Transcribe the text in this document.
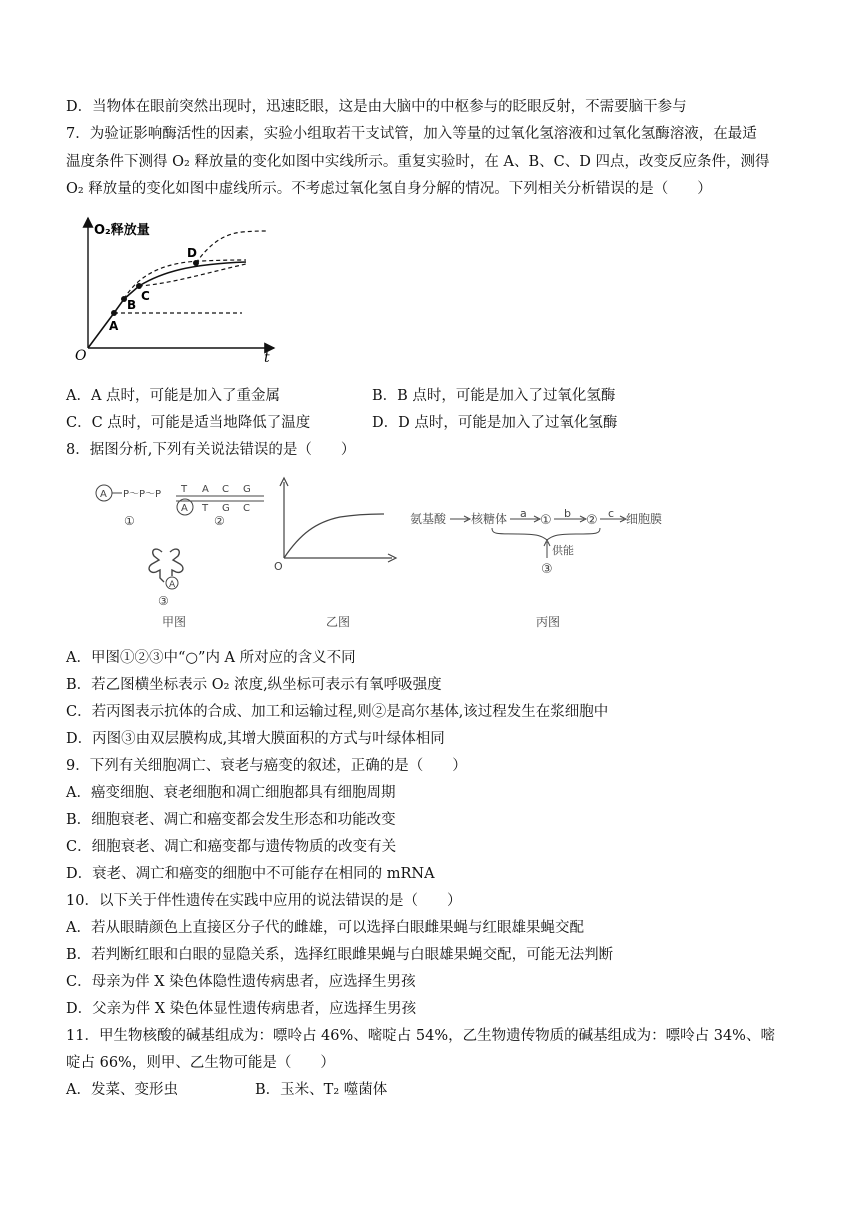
D．当物体在眼前突然出现时，迅速眨眼，这是由大脑中的中枢参与的眨眼反射，不需要脑干参与
7．为验证影响酶活性的因素，实验小组取若干支试管，加入等量的过氧化氢溶液和过氧化氢酶溶液，在最适
温度条件下测得 O₂ 释放量的变化如图中实线所示。重复实验时，在 A、B、C、D 四点，改变反应条件，测得
O₂ 释放量的变化如图中虚线所示。不考虑过氧化氢自身分解的情况。下列相关分析错误的是（　　）
O₂释放量
t
O
A
B
C
D
A．A 点时，可能是加入了重金属	B．B 点时，可能是加入了过氧化氢酶
C．C 点时，可能是适当地降低了温度	D．D 点时，可能是加入了过氧化氢酶
8．据图分析,下列有关说法错误的是（　　）
A P～P～P
①
T A C G
A T G C
②
A
③
甲图
O
乙图
氨基酸 核糖体 a ① b ② c 细胞膜
供能
③
丙图
A．甲图①②③中“○”内 A 所对应的含义不同
B．若乙图横坐标表示 O₂ 浓度,纵坐标可表示有氧呼吸强度
C．若丙图表示抗体的合成、加工和运输过程,则②是高尔基体,该过程发生在浆细胞中
D．丙图③由双层膜构成,其增大膜面积的方式与叶绿体相同
9．下列有关细胞凋亡、衰老与癌变的叙述，正确的是（　　）
A．癌变细胞、衰老细胞和凋亡细胞都具有细胞周期
B．细胞衰老、凋亡和癌变都会发生形态和功能改变
C．细胞衰老、凋亡和癌变都与遗传物质的改变有关
D．衰老、凋亡和癌变的细胞中不可能存在相同的 mRNA
10．以下关于伴性遗传在实践中应用的说法错误的是（　　）
A．若从眼睛颜色上直接区分子代的雌雄，可以选择白眼雌果蝇与红眼雄果蝇交配
B．若判断红眼和白眼的显隐关系，选择红眼雌果蝇与白眼雄果蝇交配，可能无法判断
C．母亲为伴 X 染色体隐性遗传病患者，应选择生男孩
D．父亲为伴 X 染色体显性遗传病患者，应选择生男孩
11．甲生物核酸的碱基组成为：嘌呤占 46%、嘧啶占 54%，乙生物遗传物质的碱基组成为：嘌呤占 34%、嘧
啶占 66%，则甲、乙生物可能是（　　）
A．发菜、变形虫	B．玉米、T₂ 噬菌体
